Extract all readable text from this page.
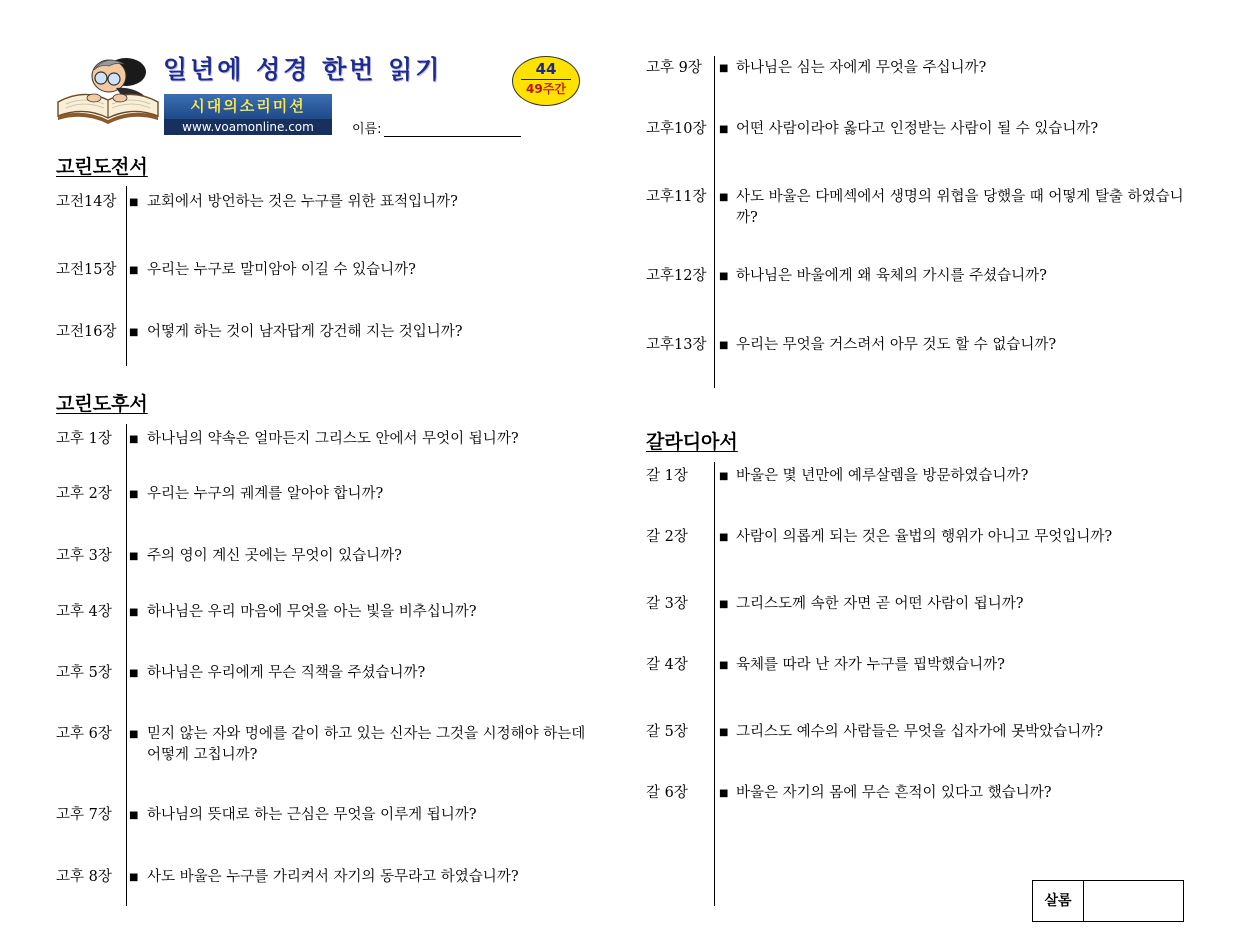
일년에 성경 한번 읽기	44
49주간
시대의소리미션
www.voamonline.com	이름:
고린도전서
고전14장	■ 교회에서 방언하는 것은 누구를 위한 표적입니까?
고전15장	■ 우리는 누구로 말미암아 이길 수 있습니까?
고전16장	■ 어떻게 하는 것이 남자답게 강건해 지는 것입니까?
고린도후서
고후 1장	■ 하나님의 약속은 얼마든지 그리스도 안에서 무엇이 됩니까?
고후 2장	■ 우리는 누구의 궤계를 알아야 합니까?
고후 3장	■ 주의 영이 계신 곳에는 무엇이 있습니까?
고후 4장	■ 하나님은 우리 마음에 무엇을 아는 빛을 비추십니까?
고후 5장	■ 하나님은 우리에게 무슨 직책을 주셨습니까?
고후 6장	■ 믿지 않는 자와 멍에를 같이 하고 있는 신자는 그것을 시정해야 하는데 어떻게 고칩니까?
고후 7장	■ 하나님의 뜻대로 하는 근심은 무엇을 이루게 됩니까?
고후 8장	■ 사도 바울은 누구를 가리켜서 자기의 동무라고 하였습니까?
고후 9장	■ 하나님은 심는 자에게 무엇을 주십니까?
고후10장	■ 어떤 사람이라야 옳다고 인정받는 사람이 될 수 있습니까?
고후11장	■ 사도 바울은 다메섹에서 생명의 위협을 당했을 때 어떻게 탈출 하였습니까?
고후12장	■ 하나님은 바울에게 왜 육체의 가시를 주셨습니까?
고후13장	■ 우리는 무엇을 거스려서 아무 것도 할 수 없습니까?
갈라디아서
갈 1장	■ 바울은 몇 년만에 예루살렘을 방문하였습니까?
갈 2장	■ 사람이 의롭게 되는 것은 율법의 행위가 아니고 무엇입니까?
갈 3장	■ 그리스도께 속한 자면 곧 어떤 사람이 됩니까?
갈 4장	■ 육체를 따라 난 자가 누구를 핍박했습니까?
갈 5장	■ 그리스도 예수의 사람들은 무엇을 십자가에 못박았습니까?
갈 6장	■ 바울은 자기의 몸에 무슨 흔적이 있다고 했습니까?
살롬
